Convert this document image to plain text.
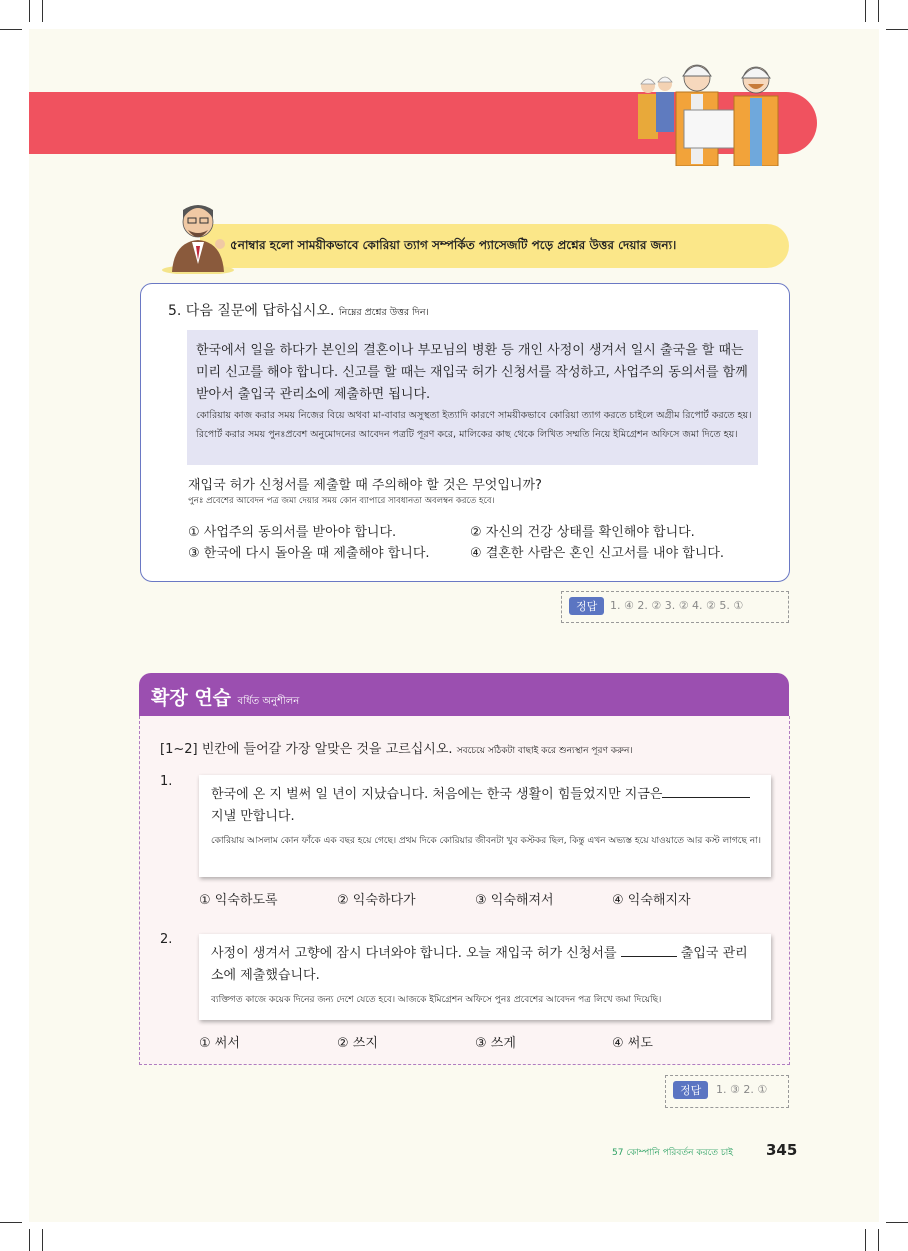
৫নাম্বার হলো সাময়ীকভাবে কোরিয়া ত্যাগ সম্পর্কিত প্যাসেজটি পড়ে প্রশ্নের উত্তর দেয়ার জন্য।
5. 다음 질문에 답하십시오. নিম্নের প্রশ্নের উত্তর দিন।
한국에서 일을 하다가 본인의 결혼이나 부모님의 병환 등 개인 사정이 생겨서 일시 출국을 할 때는 미리 신고를 해야 합니다. 신고를 할 때는 재입국 허가 신청서를 작성하고, 사업주의 동의서를 함께 받아서 출입국 관리소에 제출하면 됩니다.
কোরিয়ায় কাজ করার সময় নিজের বিয়ে অথবা মা-বাবার অসুস্থতা ইত্যাদি কারণে সাময়ীকভাবে কোরিয়া ত্যাগ করতে চাইলে অগ্রীম রিপোর্ট করতে হয়। রিপোর্ট করার সময় পুনঃপ্রবেশ অনুমোদনের আবেদন পত্রটি পূরণ করে, মালিকের কাছ থেকে লিখিত সম্মতি নিয়ে ইমিগ্রেশন অফিসে জমা দিতে হয়।
재입국 허가 신청서를 제출할 때 주의해야 할 것은 무엇입니까?
পুনঃ প্রবেশের আবেদন পত্র জমা দেয়ার সময় কোন ব্যাপারে সাবধানতা অবলম্বন করতে হবে।
① 사업주의 동의서를 받아야 합니다.	② 자신의 건강 상태를 확인해야 합니다.
③ 한국에 다시 돌아올 때 제출해야 합니다.	④ 결혼한 사람은 혼인 신고서를 내야 합니다.
정답	1. ④ 2. ② 3. ② 4. ② 5. ①
확장 연습 বর্ধিত অনুশীলন
[1~2] 빈칸에 들어갈 가장 알맞은 것을 고르십시오. সবচেয়ে সঠিকটা বাছাই করে শুন্যস্থান পূরণ করুন।
1.
한국에 온 지 벌써 일 년이 지났습니다. 처음에는 한국 생활이 힘들었지만 지금은
지낼 만합니다.
কোরিয়ায় আসলাম কোন ফাঁকে এক বছর হয়ে গেছে। প্রথম দিকে কোরিয়ার জীবনটা খুব কস্টকর ছিল, কিন্তু এখন অভ্যস্ত হয়ে যাওয়াতে আর কস্ট লাগছে না।
① 익숙하도록	② 익숙하다가	③ 익숙해져서	④ 익숙해지자
2.
사정이 생겨서 고향에 잠시 다녀와야 합니다. 오늘 재입국 허가 신청서를	출입국 관리
소에 제출했습니다.
ব্যক্তিগত কাজে কয়েক দিনের জন্য দেশে যেতে হবে। আজকে ইমিগ্রেশন অফিসে পুনঃ প্রবেশের আবেদন পত্র লিখে জমা দিয়েছি।
① 써서	② 쓰지	③ 쓰게	④ 써도
정답	1. ③ 2. ①
57 কোম্পানি পরিবর্তন করতে চাই 345
